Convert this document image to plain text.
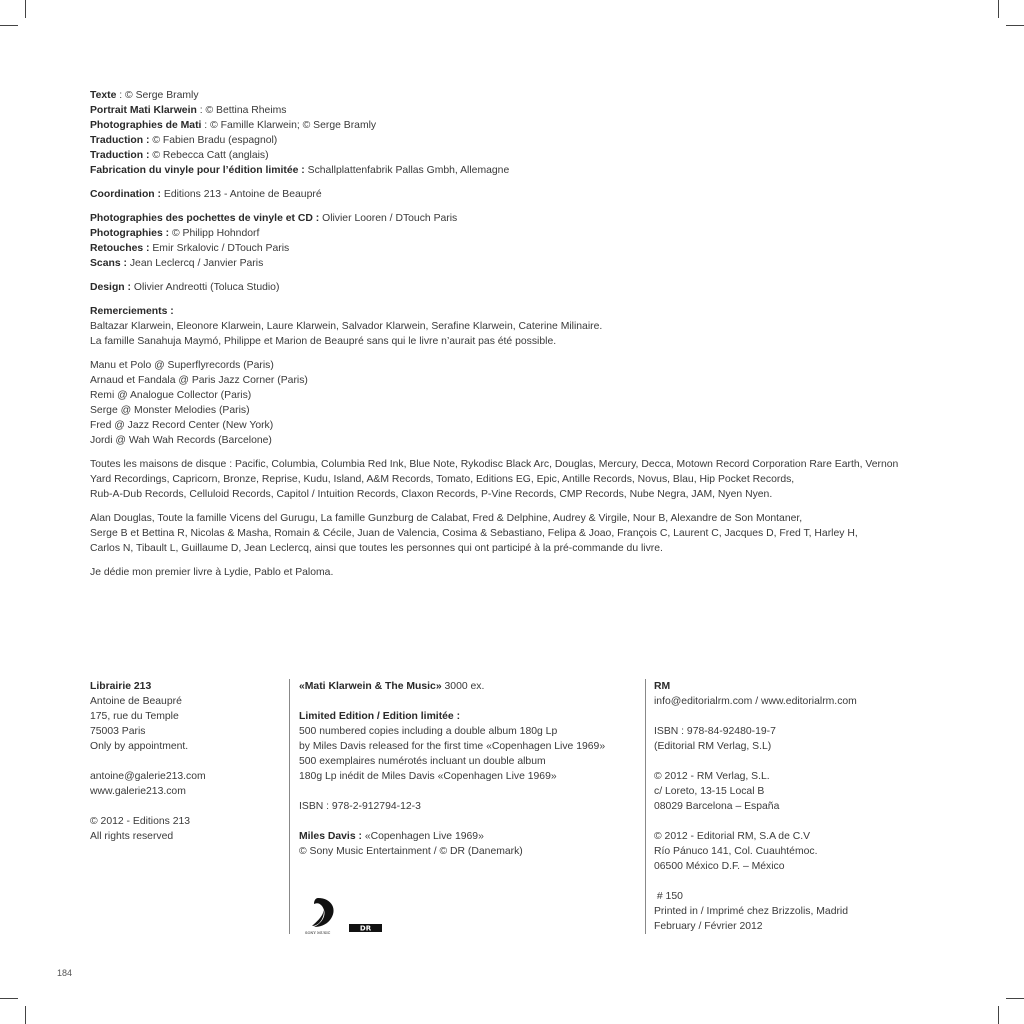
Texte : © Serge Bramly
Portrait Mati Klarwein : © Bettina Rheims
Photographies de Mati : © Famille Klarwein; © Serge Bramly
Traduction : © Fabien Bradu (espagnol)
Traduction : © Rebecca Catt (anglais)
Fabrication du vinyle pour l’édition limitée : Schallplattenfabrik Pallas Gmbh, Allemagne
Coordination : Editions 213 - Antoine de Beaupré
Photographies des pochettes de vinyle et CD : Olivier Looren / DTouch Paris
Photographies : © Philipp Hohndorf
Retouches : Emir Srkalovic / DTouch Paris
Scans : Jean Leclercq / Janvier Paris
Design : Olivier Andreotti (Toluca Studio)
Remerciements :
Baltazar Klarwein, Eleonore Klarwein, Laure Klarwein, Salvador Klarwein, Serafine Klarwein, Caterine Milinaire.
La famille Sanahuja Maymó, Philippe et Marion de Beaupré sans qui le livre n’aurait pas été possible.
Manu et Polo @ Superflyrecords (Paris)
Arnaud et Fandala @ Paris Jazz Corner (Paris)
Remi @ Analogue Collector (Paris)
Serge @ Monster Melodies (Paris)
Fred @ Jazz Record Center (New York)
Jordi @ Wah Wah Records (Barcelone)
Toutes les maisons de disque : Pacific, Columbia, Columbia Red Ink, Blue Note, Rykodisc Black Arc, Douglas, Mercury, Decca, Motown Record Corporation Rare Earth, Vernon
Yard Recordings, Capricorn, Bronze, Reprise, Kudu, Island, A&M Records, Tomato, Editions EG, Epic, Antille Records, Novus, Blau, Hip Pocket Records,
Rub-A-Dub Records, Celluloid Records, Capitol / Intuition Records, Claxon Records, P-Vine Records, CMP Records, Nube Negra, JAM, Nyen Nyen.
Alan Douglas, Toute la famille Vicens del Gurugu, La famille Gunzburg de Calabat, Fred & Delphine, Audrey & Virgile, Nour B, Alexandre de Son Montaner,
Serge B et Bettina R, Nicolas & Masha, Romain & Cécile, Juan de Valencia, Cosima & Sebastiano, Felipa & Joao, François C, Laurent C, Jacques D, Fred T, Harley H,
Carlos N, Tibault L, Guillaume D, Jean Leclercq, ainsi que toutes les personnes qui ont participé à la pré-commande du livre.
Je dédie mon premier livre à Lydie, Pablo et Paloma.
Librairie 213
Antoine de Beaupré
175, rue du Temple
75003 Paris
Only by appointment.
antoine@galerie213.com
www.galerie213.com
© 2012 - Editions 213
All rights reserved
«Mati Klarwein & The Music» 3000 ex.
Limited Edition / Edition limitée :
500 numbered copies including a double album 180g Lp
by Miles Davis released for the first time «Copenhagen Live 1969»
500 exemplaires numérotés incluant un double album
180g Lp inédit de Miles Davis «Copenhagen Live 1969»
ISBN : 978-2-912794-12-3
Miles Davis : «Copenhagen Live 1969»
© Sony Music Entertainment / © DR (Danemark)
SONY MUSIC
DR
RM
info@editorialrm.com / www.editorialrm.com
ISBN : 978-84-92480-19-7
(Editorial RM Verlag, S.L)
© 2012 - RM Verlag, S.L.
c/ Loreto, 13-15 Local B
08029 Barcelona – España
© 2012 - Editorial RM, S.A de C.V
Río Pánuco 141, Col. Cuauhtémoc.
06500 México D.F. – México
# 150
Printed in / Imprimé chez Brizzolis, Madrid
February / Février 2012
184
